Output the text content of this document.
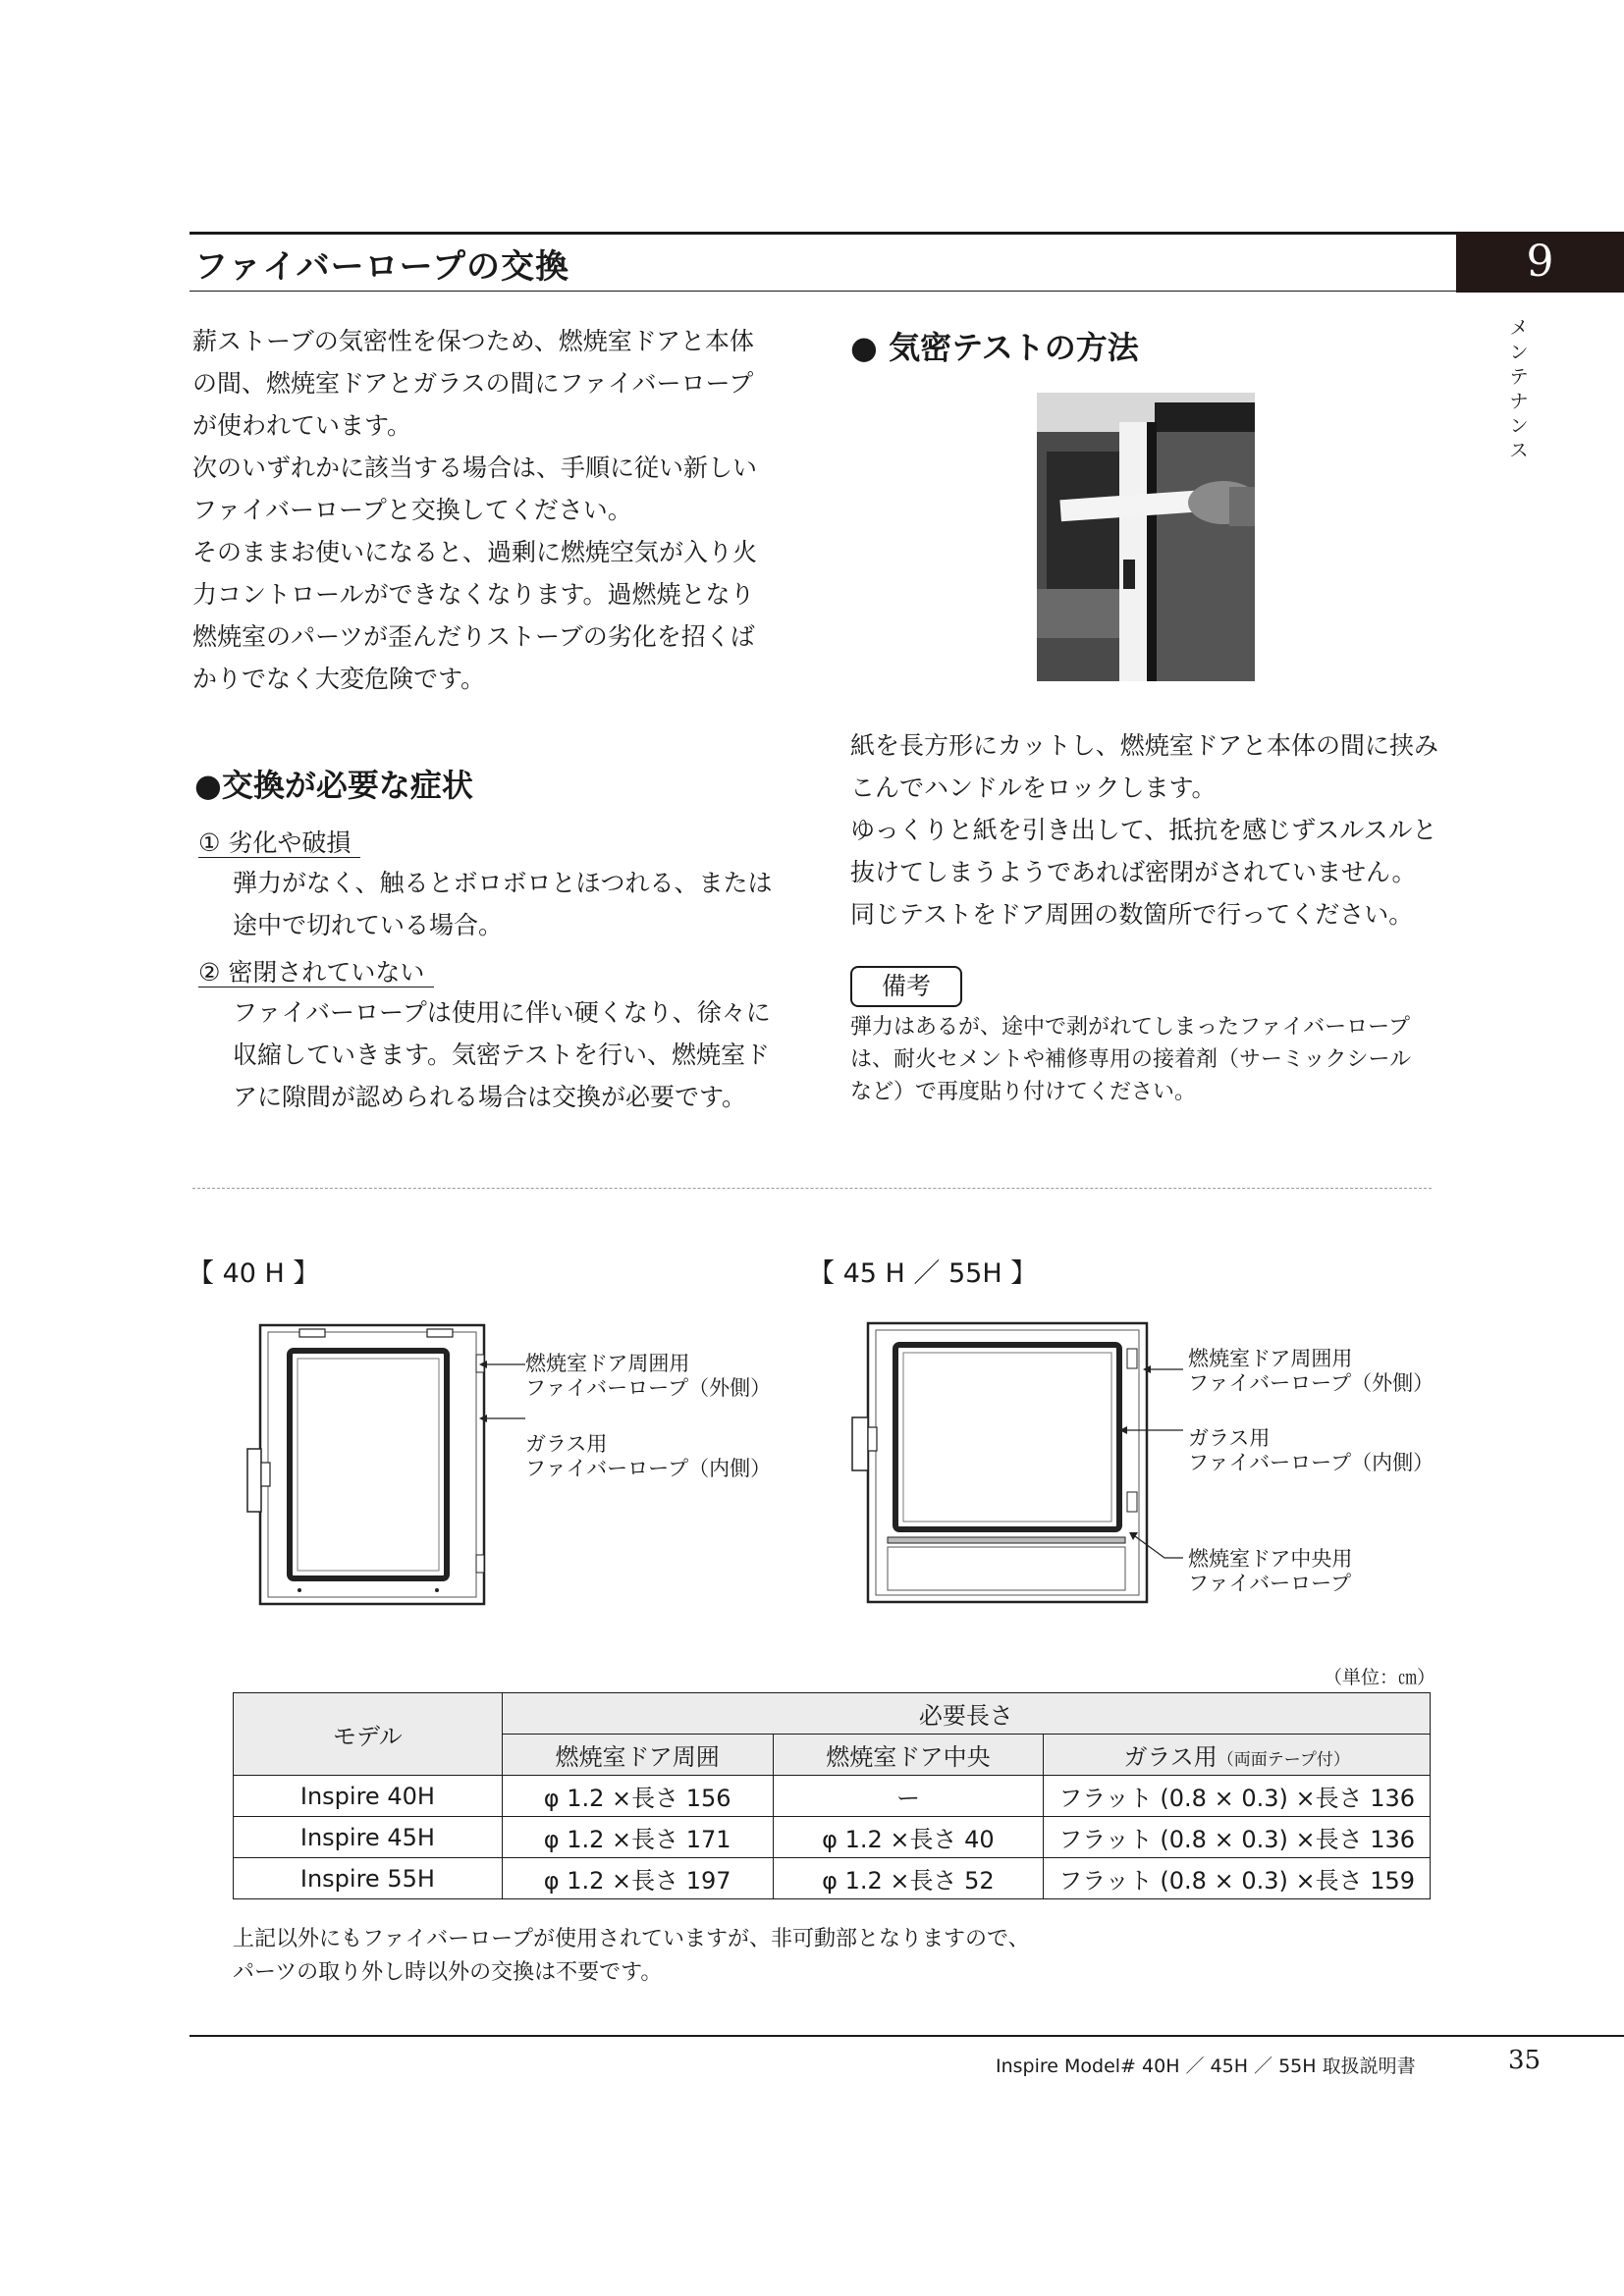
ファイバーロープの交換	9
メンテナンス
薪ストーブの気密性を保つため、燃焼室ドアと本体
の間、燃焼室ドアとガラスの間にファイバーロープ
が使われています。
次のいずれかに該当する場合は、手順に従い新しい
ファイバーロープと交換してください。
そのままお使いになると、過剰に燃焼空気が入り火
力コントロールができなくなります。過燃焼となり
燃焼室のパーツが歪んだりストーブの劣化を招くば
かりでなく大変危険です。
●交換が必要な症状
① 劣化や破損
弾力がなく、触るとボロボロとほつれる、または
途中で切れている場合。
② 密閉されていない
ファイバーロープは使用に伴い硬くなり、徐々に
収縮していきます。気密テストを行い、燃焼室ド
アに隙間が認められる場合は交換が必要です。
● 気密テストの方法
紙を長方形にカットし、燃焼室ドアと本体の間に挟み
こんでハンドルをロックします。
ゆっくりと紙を引き出して、抵抗を感じずスルスルと
抜けてしまうようであれば密閉がされていません。
同じテストをドア周囲の数箇所で行ってください。
備考
弾力はあるが、途中で剥がれてしまったファイバーロープ
は、耐火セメントや補修専用の接着剤（サーミックシール
など）で再度貼り付けてください。
【 40 H 】	【 45 H ／ 55H 】
燃焼室ドア周囲用
ファイバーロープ（外側）
ガラス用
ファイバーロープ（内側）
燃焼室ドア周囲用
ファイバーロープ（外側）
ガラス用
ファイバーロープ（内側）
燃焼室ドア中央用
ファイバーロープ
（単位：㎝）
モデル	必要長さ		
	燃焼室ドア周囲	燃焼室ドア中央	ガラス用（両面テープ付）
Inspire 40H	φ 1.2 ×長さ 156	ー	フラット (0.8 × 0.3) ×長さ 136
Inspire 45H	φ 1.2 ×長さ 171	φ 1.2 ×長さ 40	フラット (0.8 × 0.3) ×長さ 136
Inspire 55H	φ 1.2 ×長さ 197	φ 1.2 ×長さ 52	フラット (0.8 × 0.3) ×長さ 159
上記以外にもファイバーロープが使用されていますが、非可動部となりますので、
パーツの取り外し時以外の交換は不要です。
Inspire Model# 40H ／ 45H ／ 55H 取扱説明書	35
